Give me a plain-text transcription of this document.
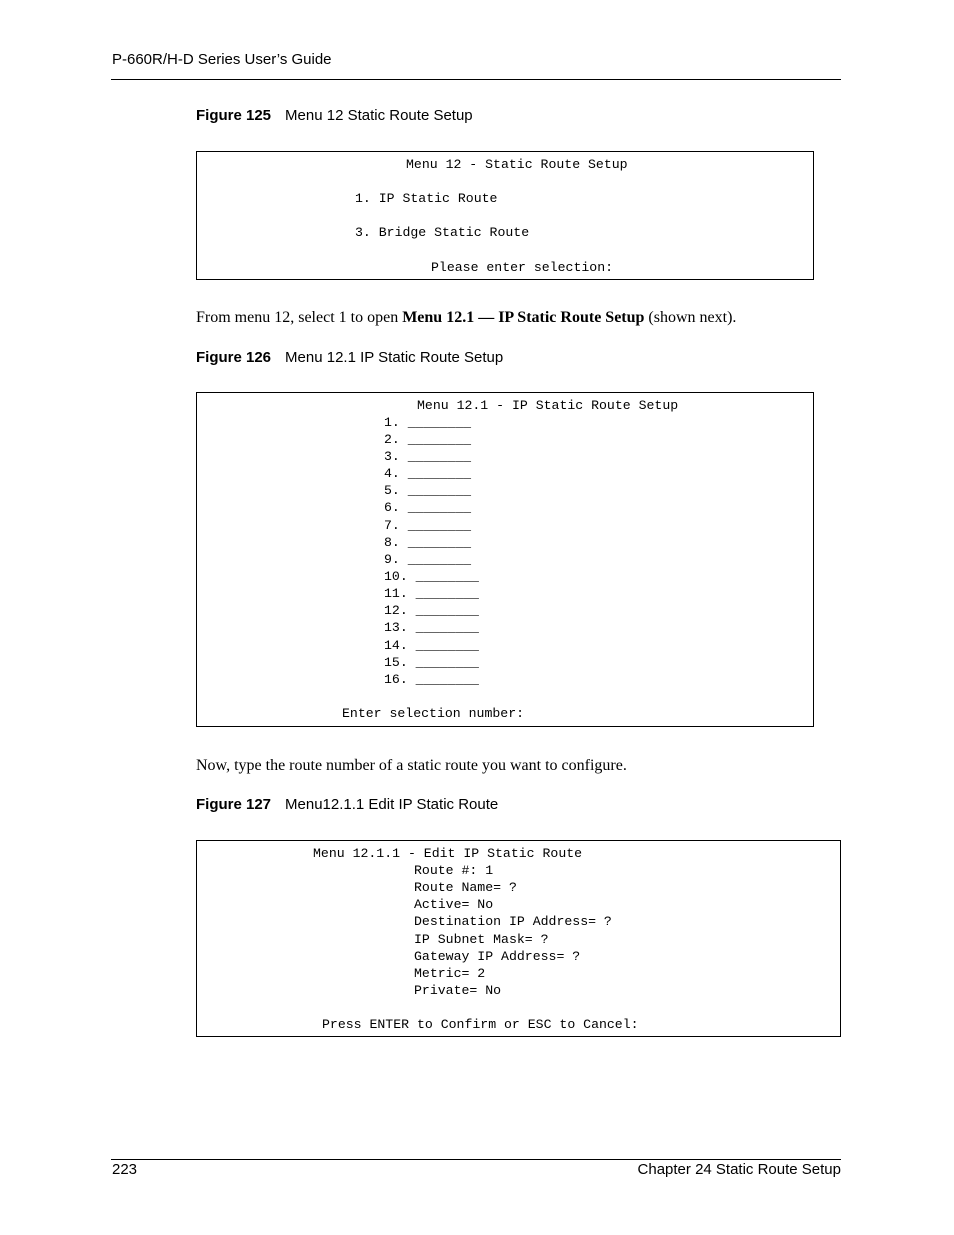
P-660R/H-D Series User’s Guide
Figure 125 Menu 12 Static Route Setup
Menu 12 - Static Route Setup
1. IP Static Route
3. Bridge Static Route
Please enter selection:
From menu 12, select 1 to open Menu 12.1 — IP Static Route Setup (shown next).
Figure 126 Menu 12.1 IP Static Route Setup
Menu 12.1 - IP Static Route Setup
1. ________
2. ________
3. ________
4. ________
5. ________
6. ________
7. ________
8. ________
9. ________
10. ________
11. ________
12. ________
13. ________
14. ________
15. ________
16. ________
Enter selection number:
Now, type the route number of a static route you want to configure.
Figure 127 Menu12.1.1 Edit IP Static Route
Menu 12.1.1 - Edit IP Static Route
Route #: 1
Route Name= ?
Active= No
Destination IP Address= ?
IP Subnet Mask= ?
Gateway IP Address= ?
Metric= 2
Private= No
Press ENTER to Confirm or ESC to Cancel:
223	Chapter 24 Static Route Setup
